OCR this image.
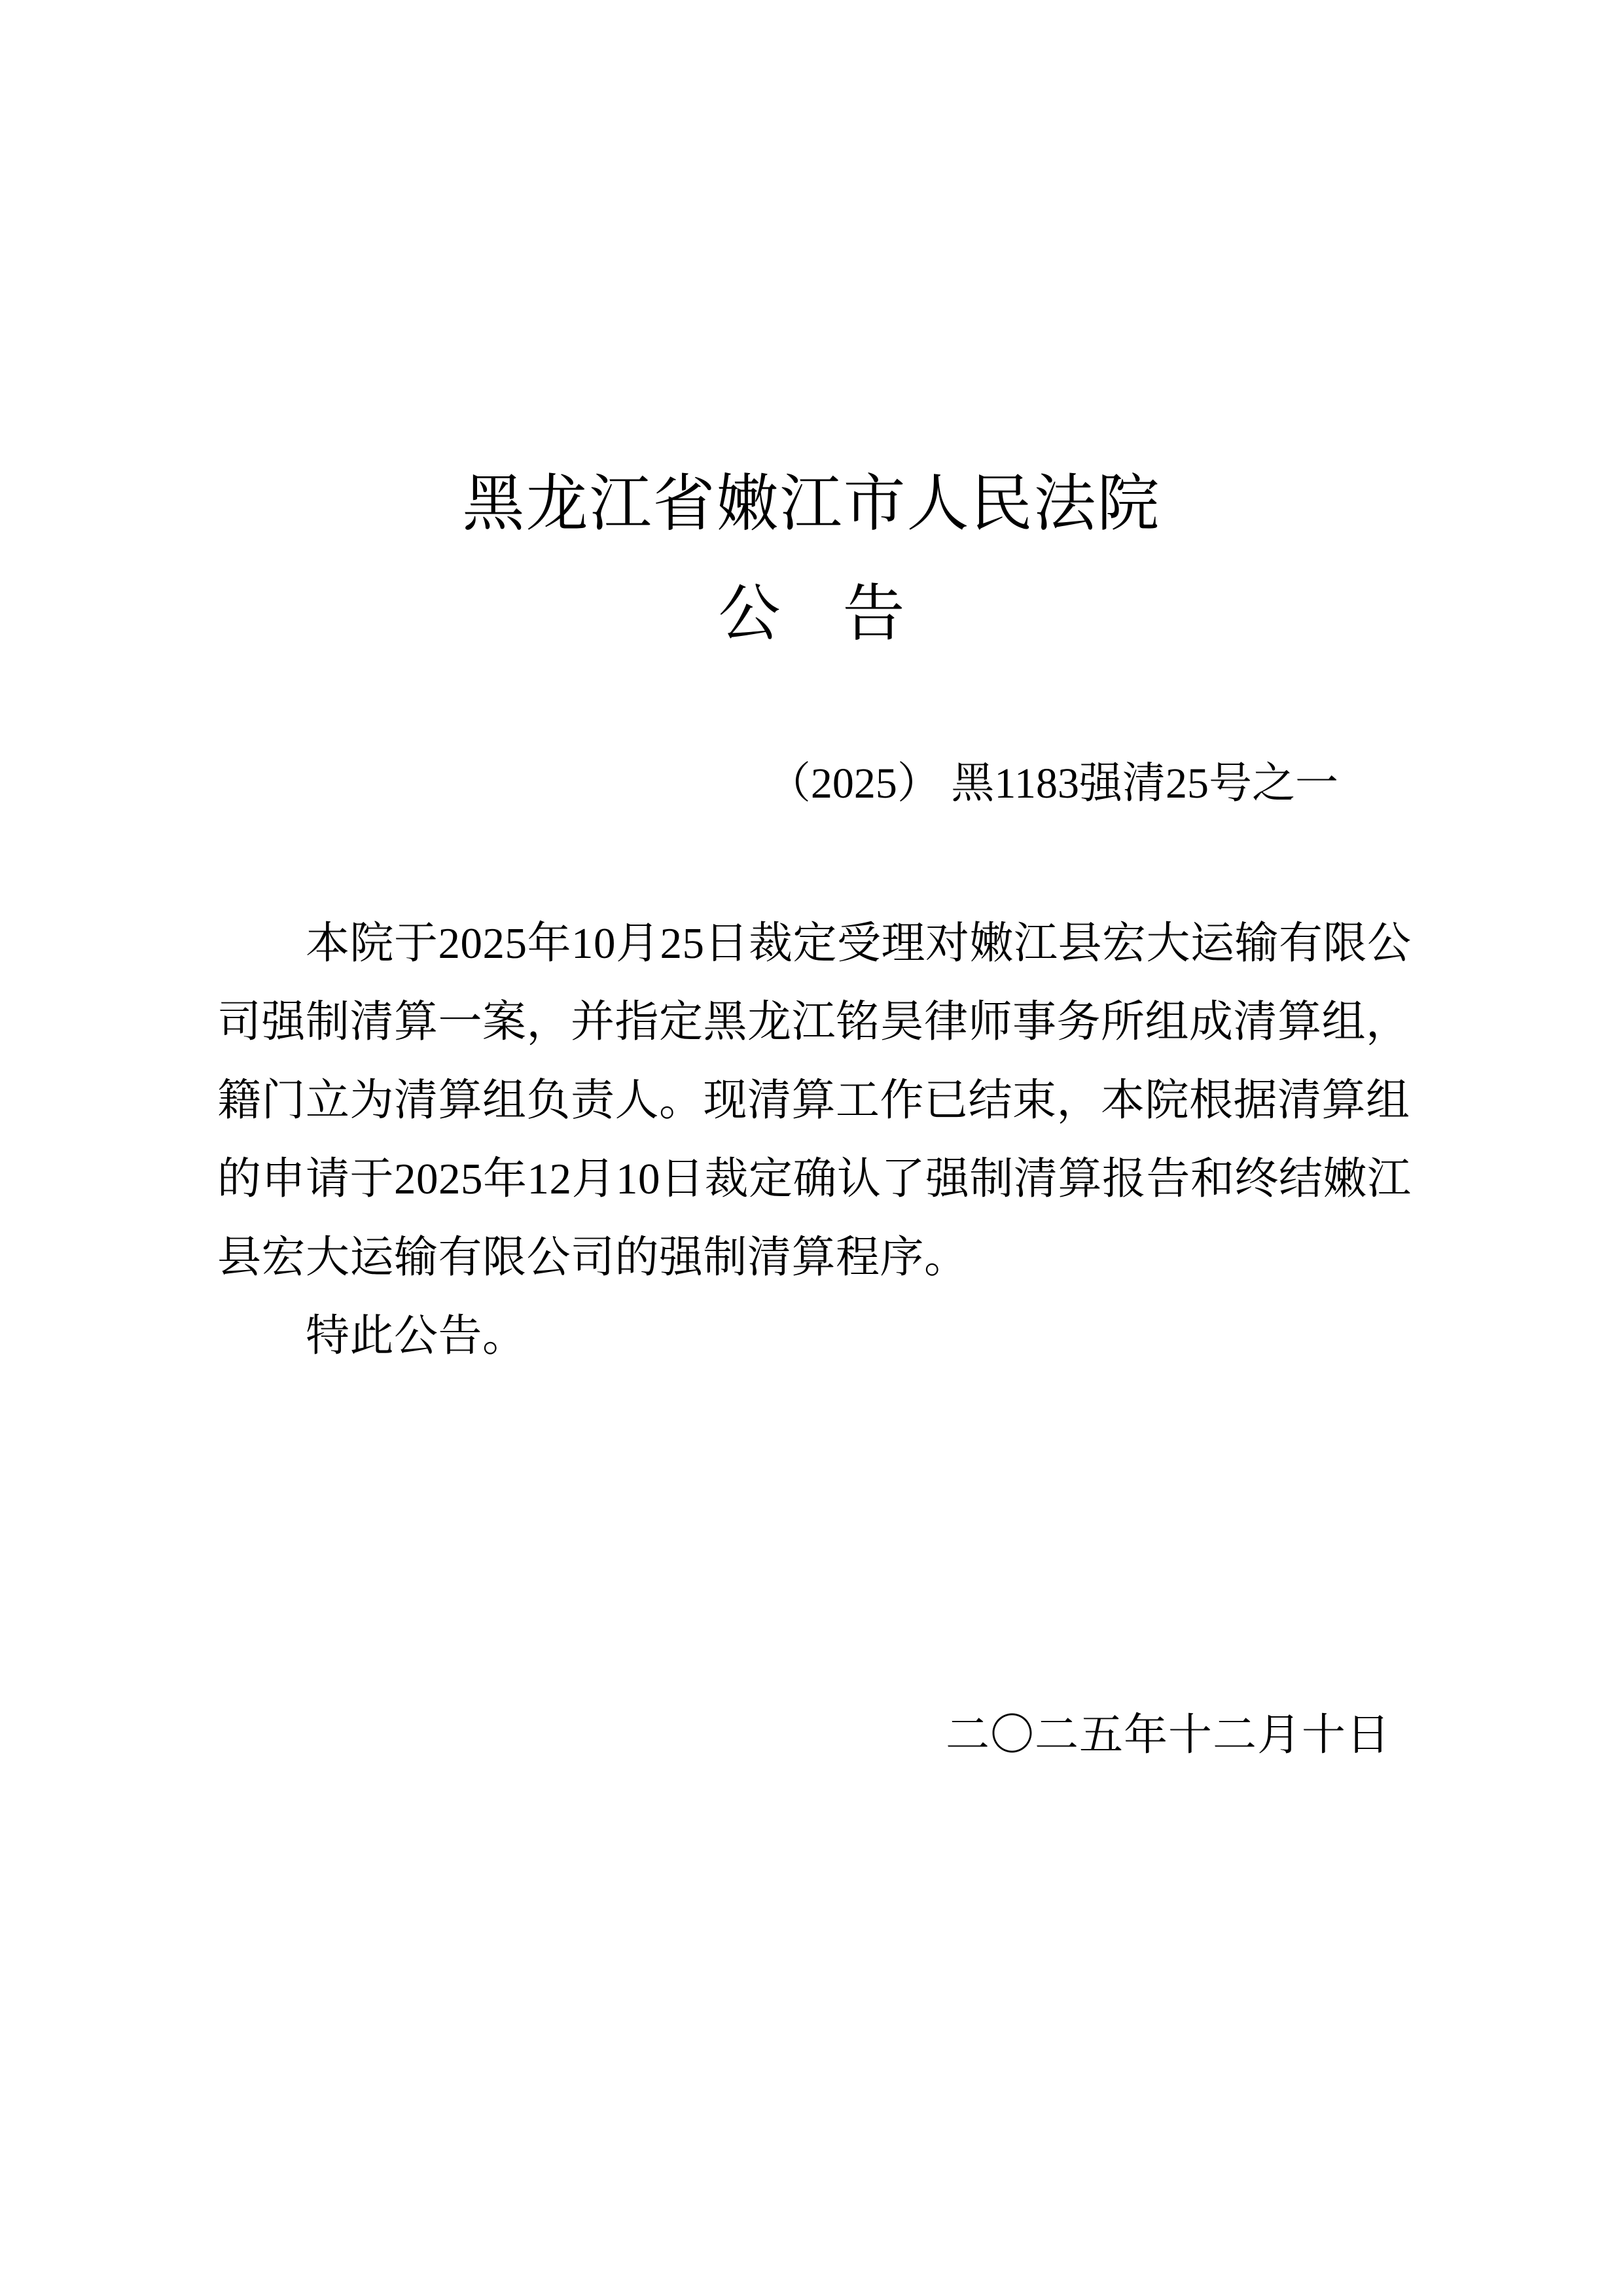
黑龙江省嫩江市人民法院
公　告
（2025） 黑1183强清25号之一
本院于2025年10月25日裁定受理对嫩江县宏大运输有限公
司强制清算一案，并指定黑龙江铭昊律师事务所组成清算组，
籍门立为清算组负责人。现清算工作已结束，本院根据清算组
的申请于2025年12月10日裁定确认了强制清算报告和终结嫩江
县宏大运输有限公司的强制清算程序。
特此公告。
二〇二五年十二月十日
